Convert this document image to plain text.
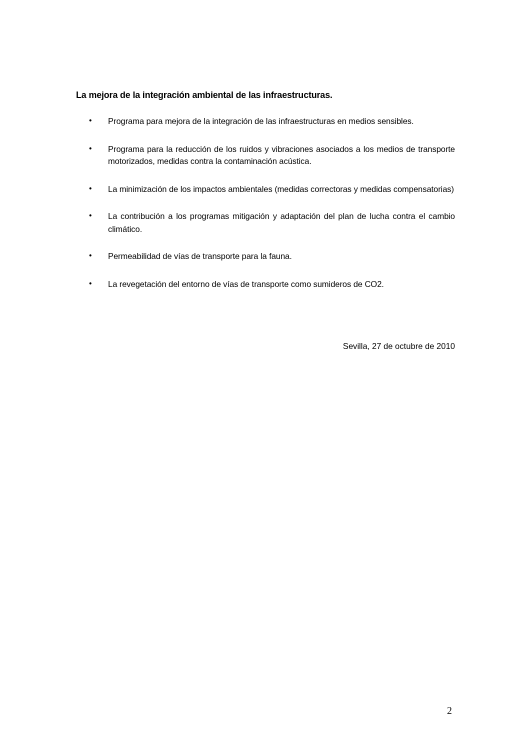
La mejora de la integración ambiental de las infraestructuras.
• Programa para mejora de la integración de las infraestructuras en medios sensibles.
• Programa para la reducción de los ruidos y vibraciones asociados a los medios de transporte motorizados, medidas contra la contaminación acústica.
• La minimización de los impactos ambientales (medidas correctoras y medidas compensatorias)
• La contribución a los programas mitigación y adaptación del plan de lucha contra el cambio climático.
• Permeabilidad de vías de transporte para la fauna.
• La revegetación del entorno de vías de transporte como sumideros de CO2.
Sevilla, 27 de octubre de 2010
2
